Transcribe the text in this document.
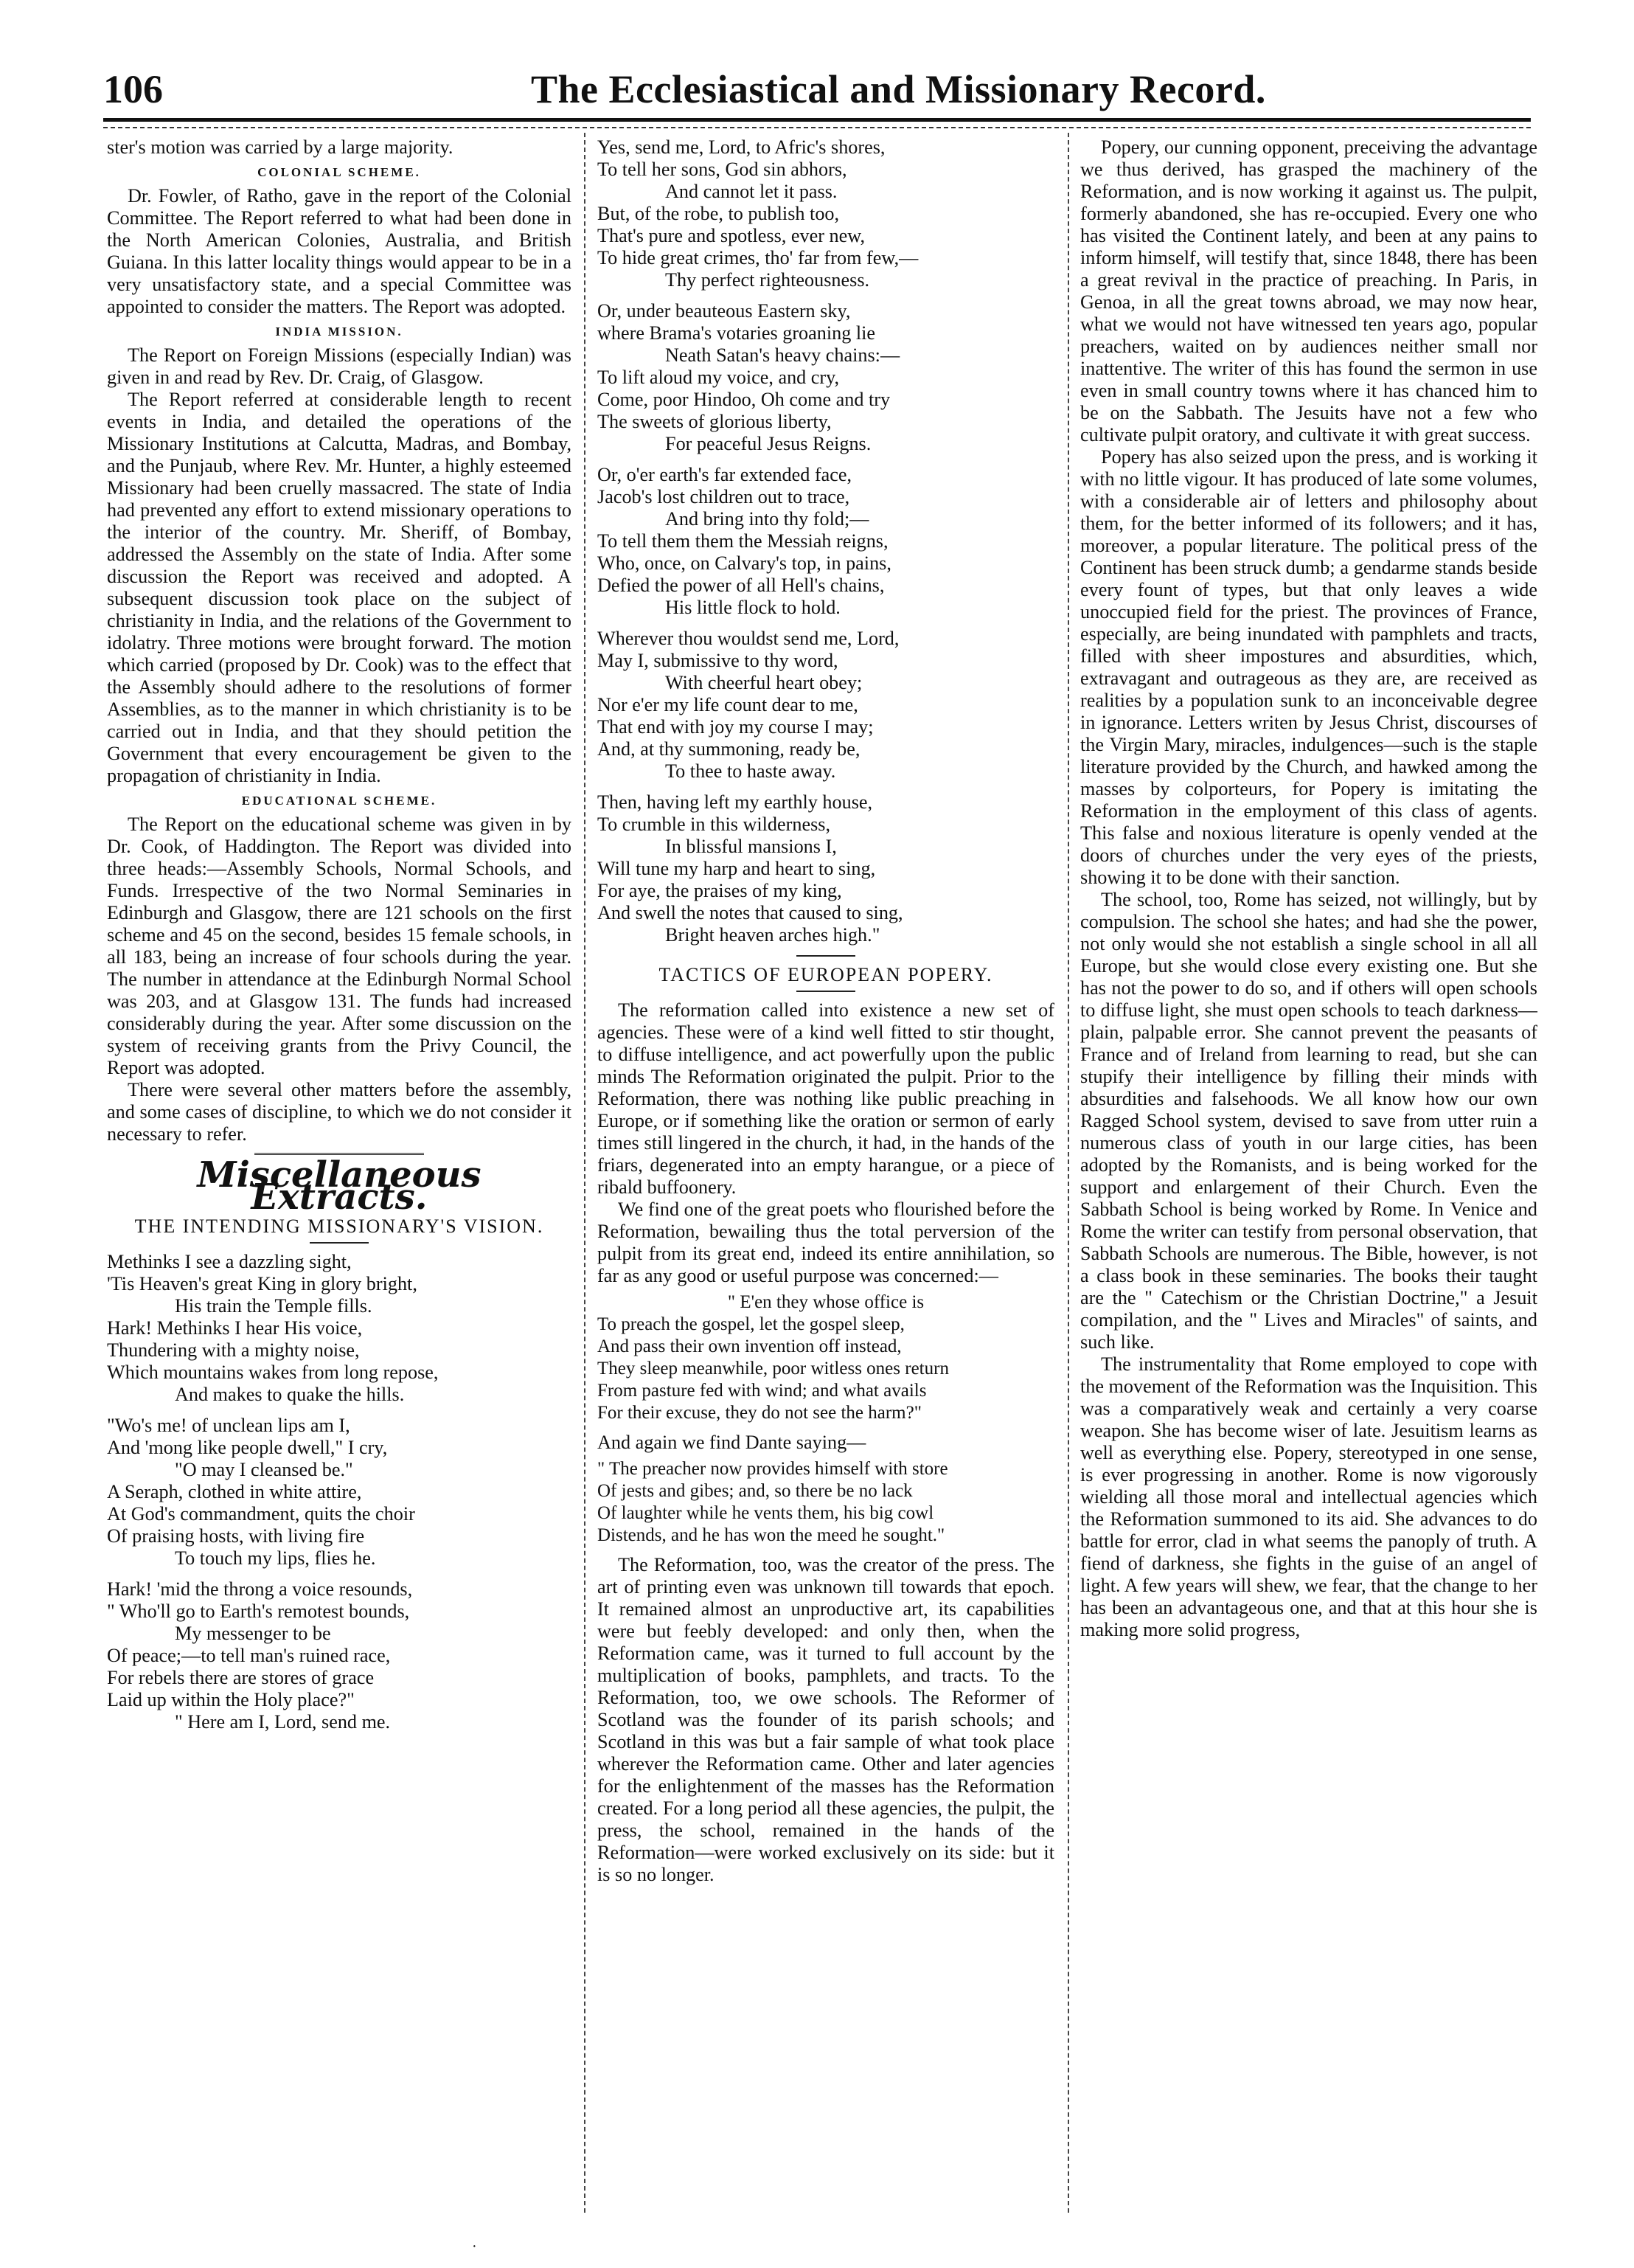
106	The Ecclesiastical and Missionary Record.

ster's motion was carried by a large majority.

COLONIAL SCHEME.

Dr. Fowler, of Ratho, gave in the report of the Colonial Committee. The Report referred to what had been done in the North American Colonies, Australia, and British Guiana. In this latter locality things would appear to be in a very unsatisfactory state, and a special Committee was appointed to consider the matters. The Report was adopted.

INDIA MISSION.

The Report on Foreign Missions (especially Indian) was given in and read by Rev. Dr. Craig, of Glasgow.

The Report referred at considerable length to recent events in India, and detailed the operations of the Missionary Institutions at Calcutta, Madras, and Bombay, and the Punjaub, where Rev. Mr. Hunter, a highly esteemed Missionary had been cruelly massacred. The state of India had prevented any effort to extend missionary operations to the interior of the country. Mr. Sheriff, of Bombay, addressed the Assembly on the state of India. After some discussion the Report was received and adopted. A subsequent discussion took place on the subject of christianity in India, and the relations of the Government to idolatry. Three motions were brought forward. The motion which carried (proposed by Dr. Cook) was to the effect that the Assembly should adhere to the resolutions of former Assemblies, as to the manner in which christianity is to be carried out in India, and that they should petition the Government that every encouragement be given to the propagation of christianity in India.

EDUCATIONAL SCHEME.

The Report on the educational scheme was given in by Dr. Cook, of Haddington. The Report was divided into three heads:—Assembly Schools, Normal Schools, and Funds. Irrespective of the two Normal Seminaries in Edinburgh and Glasgow, there are 121 schools on the first scheme and 45 on the second, besides 15 female schools, in all 183, being an increase of four schools during the year. The number in attendance at the Edinburgh Normal School was 203, and at Glasgow 131. The funds had increased considerably during the year. After some discussion on the system of receiving grants from the Privy Council, the Report was adopted.

There were several other matters before the assembly, and some cases of discipline, to which we do not consider it necessary to refer.

Miscellaneous Extracts.
THE INTENDING MISSIONARY'S VISION.
Methinks I see a dazzling sight,
'Tis Heaven's great King in glory bright,
His train the Temple fills.
Hark! Methinks I hear His voice,
Thundering with a mighty noise,
Which mountains wakes from long repose,
And makes to quake the hills.
"Wo's me! of unclean lips am I,
And 'mong like people dwell," I cry,
"O may I cleansed be."
A Seraph, clothed in white attire,
At God's commandment, quits the choir
Of praising hosts, with living fire
To touch my lips, flies he.
Hark! 'mid the throng a voice resounds,
" Who'll go to Earth's remotest bounds,
My messenger to be
Of peace;—to tell man's ruined race,
For rebels there are stores of grace
Laid up within the Holy place?"
" Here am I, Lord, send me.
Yes, send me, Lord, to Afric's shores,
To tell her sons, God sin abhors,
And cannot let it pass.
But, of the robe, to publish too,
That's pure and spotless, ever new,
To hide great crimes, tho' far from few,—
Thy perfect righteousness.
Or, under beauteous Eastern sky,
where Brama's votaries groaning lie
Neath Satan's heavy chains:—
To lift aloud my voice, and cry,
Come, poor Hindoo, Oh come and try
The sweets of glorious liberty,
For peaceful Jesus Reigns.
Or, o'er earth's far extended face,
Jacob's lost children out to trace,
And bring into thy fold;—
To tell them them the Messiah reigns,
Who, once, on Calvary's top, in pains,
Defied the power of all Hell's chains,
His little flock to hold.
Wherever thou wouldst send me, Lord,
May I, submissive to thy word,
With cheerful heart obey;
Nor e'er my life count dear to me,
That end with joy my course I may;
And, at thy summoning, ready be,
To thee to haste away.
Then, having left my earthly house,
To crumble in this wilderness,
In blissful mansions I,
Will tune my harp and heart to sing,
For aye, the praises of my king,
And swell the notes that caused to sing,
Bright heaven arches high."
TACTICS OF EUROPEAN POPERY.

The reformation called into existence a new set of agencies. These were of a kind well fitted to stir thought, to diffuse intelligence, and act powerfully upon the public minds The Reformation originated the pulpit. Prior to the Reformation, there was nothing like public preaching in Europe, or if something like the oration or sermon of early times still lingered in the church, it had, in the hands of the friars, degenerated into an empty harangue, or a piece of ribald buffoonery.

We find one of the great poets who flourished before the Reformation, bewailing thus the total perversion of the pulpit from its great end, indeed its entire annihilation, so far as any good or useful purpose was concerned:—

" E'en they whose office is
To preach the gospel, let the gospel sleep,
And pass their own invention off instead,
They sleep meanwhile, poor witless ones return
From pasture fed with wind; and what avails
For their excuse, they do not see the harm?"

And again we find Dante saying—

" The preacher now provides himself with store
Of jests and gibes; and, so there be no lack
Of laughter while he vents them, his big cowl
Distends, and he has won the meed he sought."

The Reformation, too, was the creator of the press. The art of printing even was unknown till towards that epoch. It remained almost an unproductive art, its capabilities were but feebly developed: and only then, when the Reformation came, was it turned to full account by the multiplication of books, pamphlets, and tracts. To the Reformation, too, we owe schools. The Reformer of Scotland was the founder of its parish schools; and Scotland in this was but a fair sample of what took place wherever the Reformation came. Other and later agencies for the enlightenment of the masses has the Reformation created. For a long period all these agencies, the pulpit, the press, the school, remained in the hands of the Reformation—were worked exclusively on its side: but it is so no longer.

Popery, our cunning opponent, preceiving the advantage we thus derived, has grasped the machinery of the Reformation, and is now working it against us. The pulpit, formerly abandoned, she has re-occupied. Every one who has visited the Continent lately, and been at any pains to inform himself, will testify that, since 1848, there has been a great revival in the practice of preaching. In Paris, in Genoa, in all the great towns abroad, we may now hear, what we would not have witnessed ten years ago, popular preachers, waited on by audiences neither small nor inattentive. The writer of this has found the sermon in use even in small country towns where it has chanced him to be on the Sabbath. The Jesuits have not a few who cultivate pulpit oratory, and cultivate it with great success.

Popery has also seized upon the press, and is working it with no little vigour. It has produced of late some volumes, with a considerable air of letters and philosophy about them, for the better informed of its followers; and it has, moreover, a popular literature. The political press of the Continent has been struck dumb; a gendarme stands beside every fount of types, but that only leaves a wide unoccupied field for the priest. The provinces of France, especially, are being inundated with pamphlets and tracts, filled with sheer impostures and absurdities, which, extravagant and outrageous as they are, are received as realities by a population sunk to an inconceivable degree in ignorance. Letters writen by Jesus Christ, discourses of the Virgin Mary, miracles, indulgences—such is the staple literature provided by the Church, and hawked among the masses by colporteurs, for Popery is imitating the Reformation in the employment of this class of agents. This false and noxious literature is openly vended at the doors of churches under the very eyes of the priests, showing it to be done with their sanction.

The school, too, Rome has seized, not willingly, but by compulsion. The school she hates; and had she the power, not only would she not establish a single school in all all Europe, but she would close every existing one. But she has not the power to do so, and if others will open schools to diffuse light, she must open schools to teach darkness—plain, palpable error. She cannot prevent the peasants of France and of Ireland from learning to read, but she can stupify their intelligence by filling their minds with absurdities and falsehoods. We all know how our own Ragged School system, devised to save from utter ruin a numerous class of youth in our large cities, has been adopted by the Romanists, and is being worked for the support and enlargement of their Church. Even the Sabbath School is being worked by Rome. In Venice and Rome the writer can testify from personal observation, that Sabbath Schools are numerous. The Bible, however, is not a class book in these seminaries. The books their taught are the " Catechism or the Christian Doctrine," a Jesuit compilation, and the " Lives and Miracles" of saints, and such like.

The instrumentality that Rome employed to cope with the movement of the Reformation was the Inquisition. This was a comparatively weak and certainly a very coarse weapon. She has become wiser of late. Jesuitism learns as well as everything else. Popery, stereotyped in one sense, is ever progressing in another. Rome is now vigorously wielding all those moral and intellectual agencies which the Reformation summoned to its aid. She advances to do battle for error, clad in what seems the panoply of truth. A fiend of darkness, she fights in the guise of an angel of light. A few years will shew, we fear, that the change to her has been an advantageous one, and that at this hour she is making more solid progress,

·
